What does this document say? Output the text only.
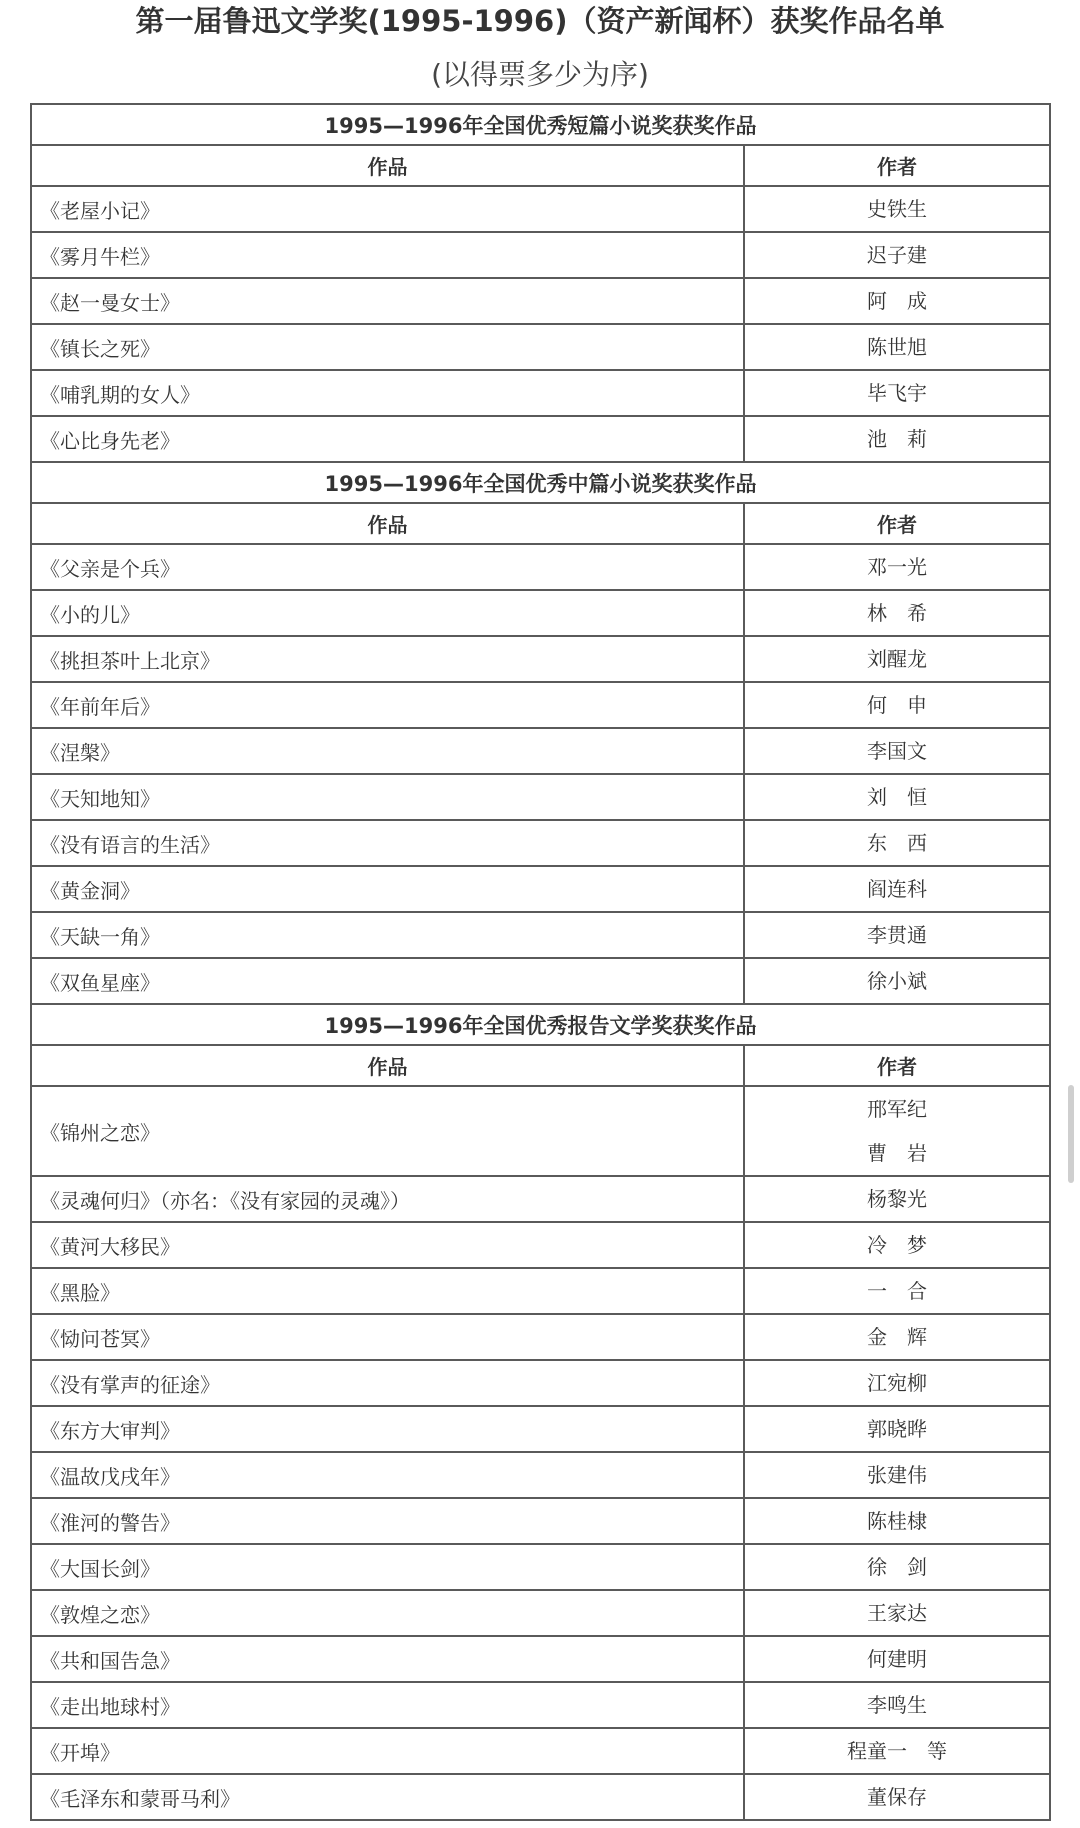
第一届鲁迅文学奖(1995-1996)（资产新闻杯）获奖作品名单
(以得票多少为序)
1995—1996年全国优秀短篇小说奖获奖作品	
作品	作者
《老屋小记》	史铁生

《雾月牛栏》	迟子建

《赵一曼女士》	阿　成

《镇长之死》	陈世旭

《哺乳期的女人》	毕飞宇

《心比身先老》	池　莉

1995—1996年全国优秀中篇小说奖获奖作品	
作品	作者
《父亲是个兵》	邓一光

《小的儿》	林　希

《挑担茶叶上北京》	刘醒龙

《年前年后》	何　申

《涅槃》	李国文

《天知地知》	刘　恒

《没有语言的生活》	东　西

《黄金洞》	阎连科

《天缺一角》	李贯通

《双鱼星座》	徐小斌

1995—1996年全国优秀报告文学奖获奖作品	
作品	作者
《锦州之恋》	邢军纪
曹　岩

《灵魂何归》（亦名：《没有家园的灵魂》）	杨黎光

《黄河大移民》	冷　梦

《黑脸》	一　合

《恸问苍冥》	金　辉

《没有掌声的征途》	江宛柳

《东方大审判》	郭晓晔

《温故戊戌年》	张建伟

《淮河的警告》	陈桂棣

《大国长剑》	徐　剑

《敦煌之恋》	王家达

《共和国告急》	何建明

《走出地球村》	李鸣生

《开埠》	程童一　等

《毛泽东和蒙哥马利》	董保存
